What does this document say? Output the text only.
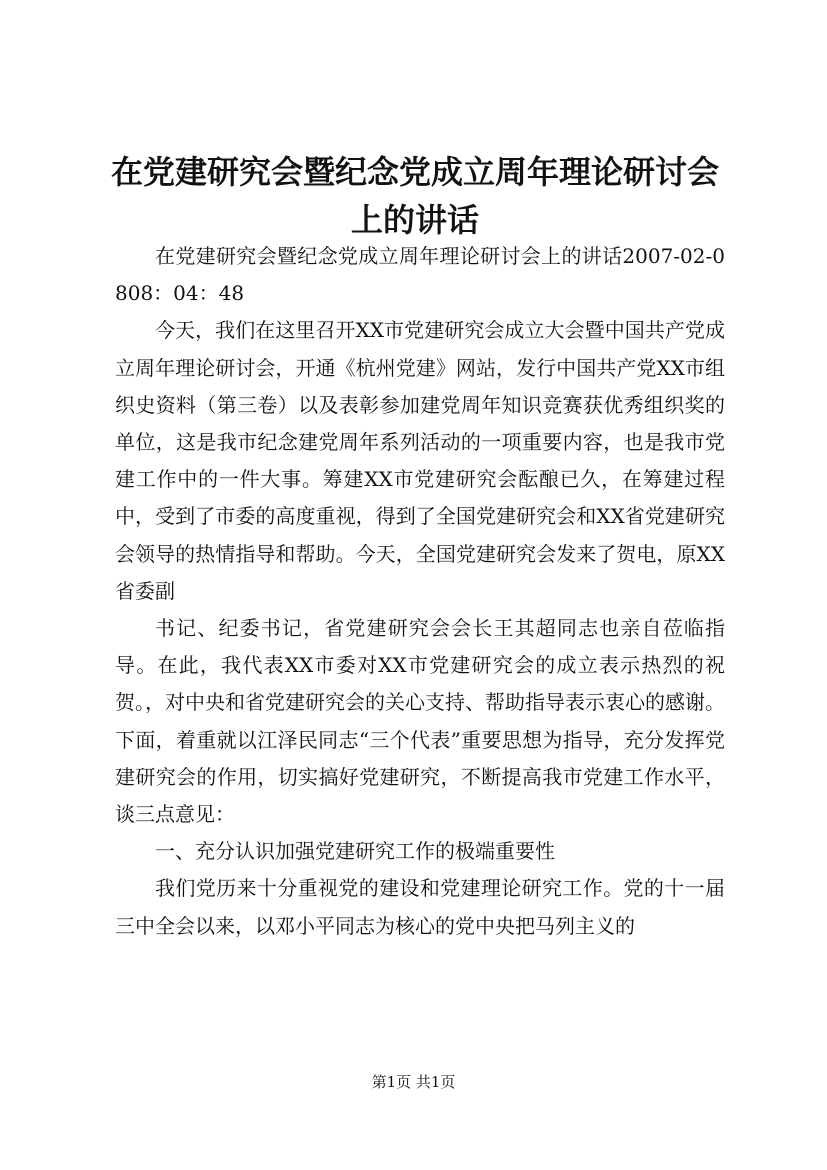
在党建研究会暨纪念党成立周年理论研讨会上的讲话

在党建研究会暨纪念党成立周年理论研讨会上的讲话2007-02-0808：04：48

今天，我们在这里召开XX市党建研究会成立大会暨中国共产党成立周年理论研讨会，开通《杭州党建》网站，发行中国共产党XX市组织史资料（第三卷）以及表彰参加建党周年知识竞赛获优秀组织奖的单位，这是我市纪念建党周年系列活动的一项重要内容，也是我市党建工作中的一件大事。筹建XX市党建研究会酝酿已久，在筹建过程中，受到了市委的高度重视，得到了全国党建研究会和XX省党建研究会领导的热情指导和帮助。今天，全国党建研究会发来了贺电，原XX省委副

书记、纪委书记，省党建研究会会长王其超同志也亲自莅临指导。在此，我代表XX市委对XX市党建研究会的成立表示热烈的祝贺。，对中央和省党建研究会的关心支持、帮助指导表示衷心的感谢。下面，着重就以江泽民同志“三个代表”重要思想为指导，充分发挥党建研究会的作用，切实搞好党建研究，不断提高我市党建工作水平，谈三点意见：

一、充分认识加强党建研究工作的极端重要性

我们党历来十分重视党的建设和党建理论研究工作。党的十一届三中全会以来，以邓小平同志为核心的党中央把马列主义的

第1页 共1页
